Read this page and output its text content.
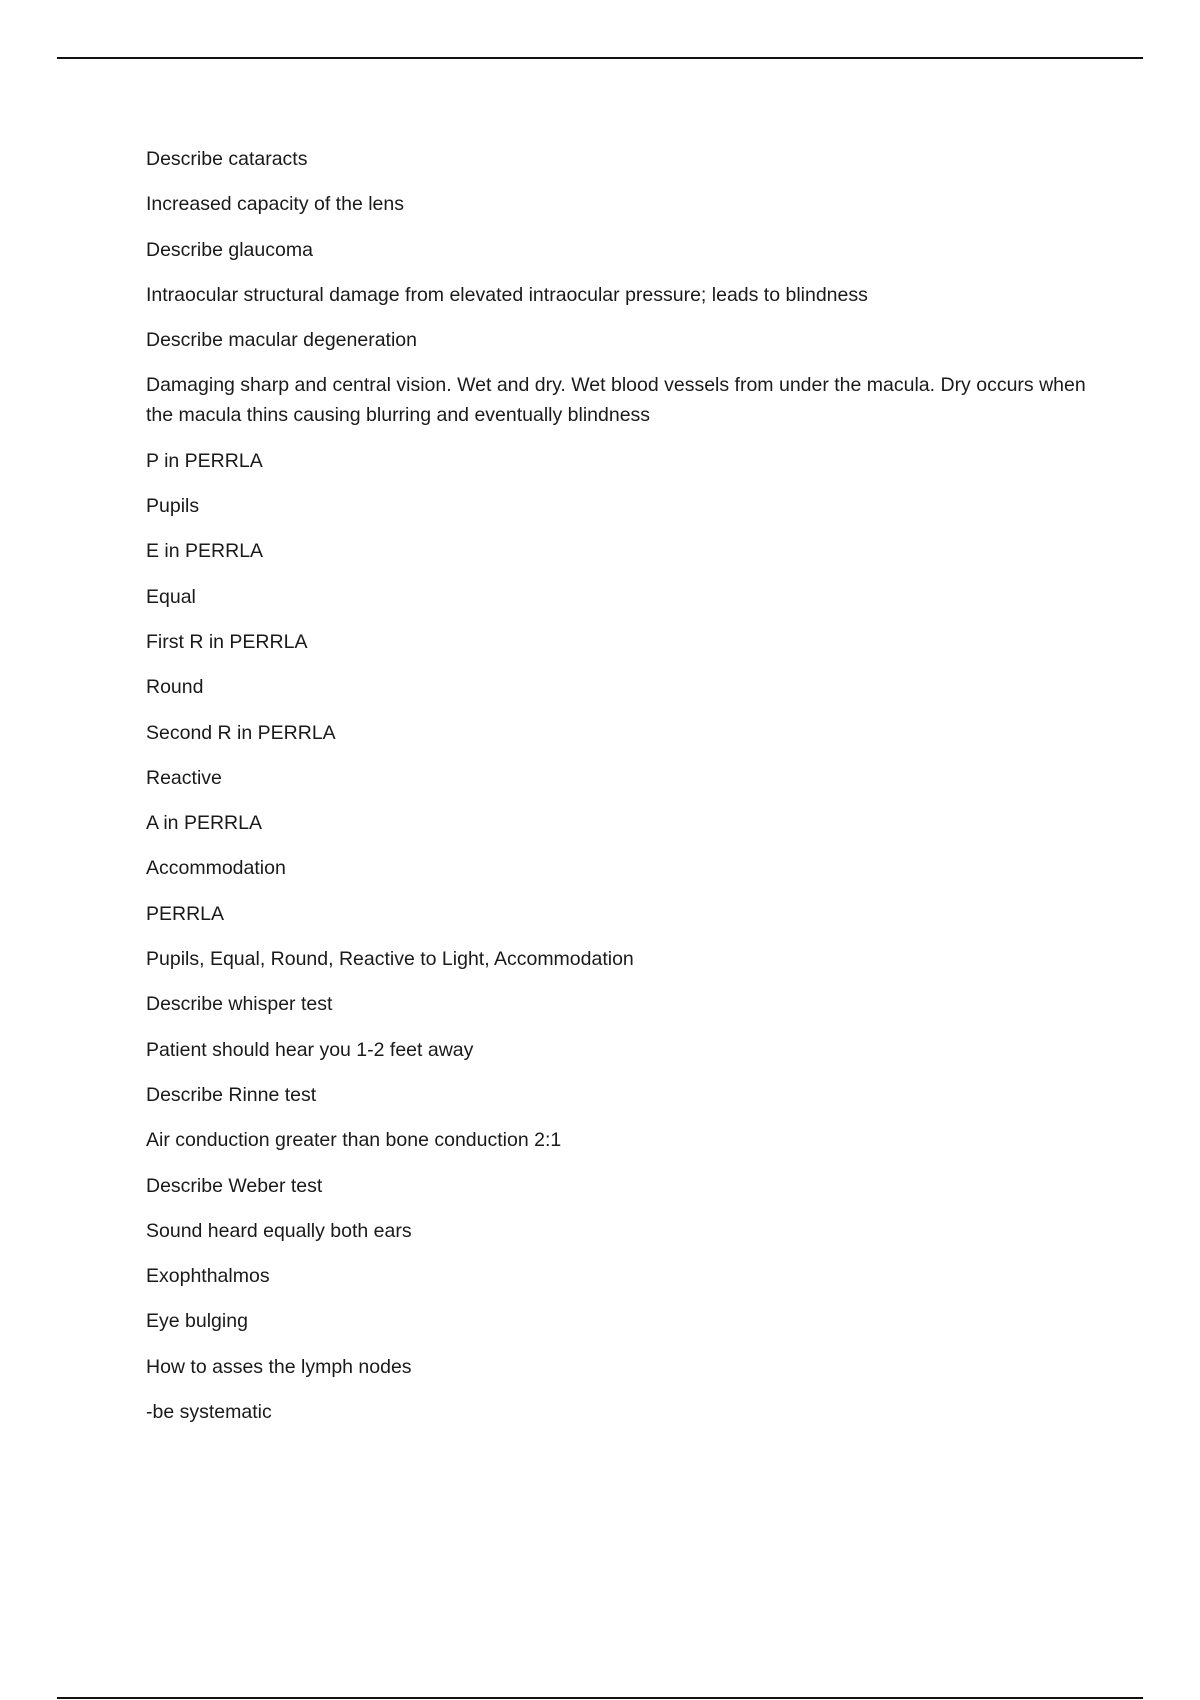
Describe cataracts

Increased capacity of the lens

Describe glaucoma

Intraocular structural damage from elevated intraocular pressure; leads to blindness

Describe macular degeneration

Damaging sharp and central vision. Wet and dry. Wet blood vessels from under the macula. Dry occurs when the macula thins causing blurring and eventually blindness

P in PERRLA

Pupils

E in PERRLA

Equal

First R in PERRLA

Round

Second R in PERRLA

Reactive

A in PERRLA

Accommodation

PERRLA

Pupils, Equal, Round, Reactive to Light, Accommodation

Describe whisper test

Patient should hear you 1-2 feet away

Describe Rinne test

Air conduction greater than bone conduction 2:1

Describe Weber test

Sound heard equally both ears

Exophthalmos

Eye bulging

How to asses the lymph nodes

-be systematic
